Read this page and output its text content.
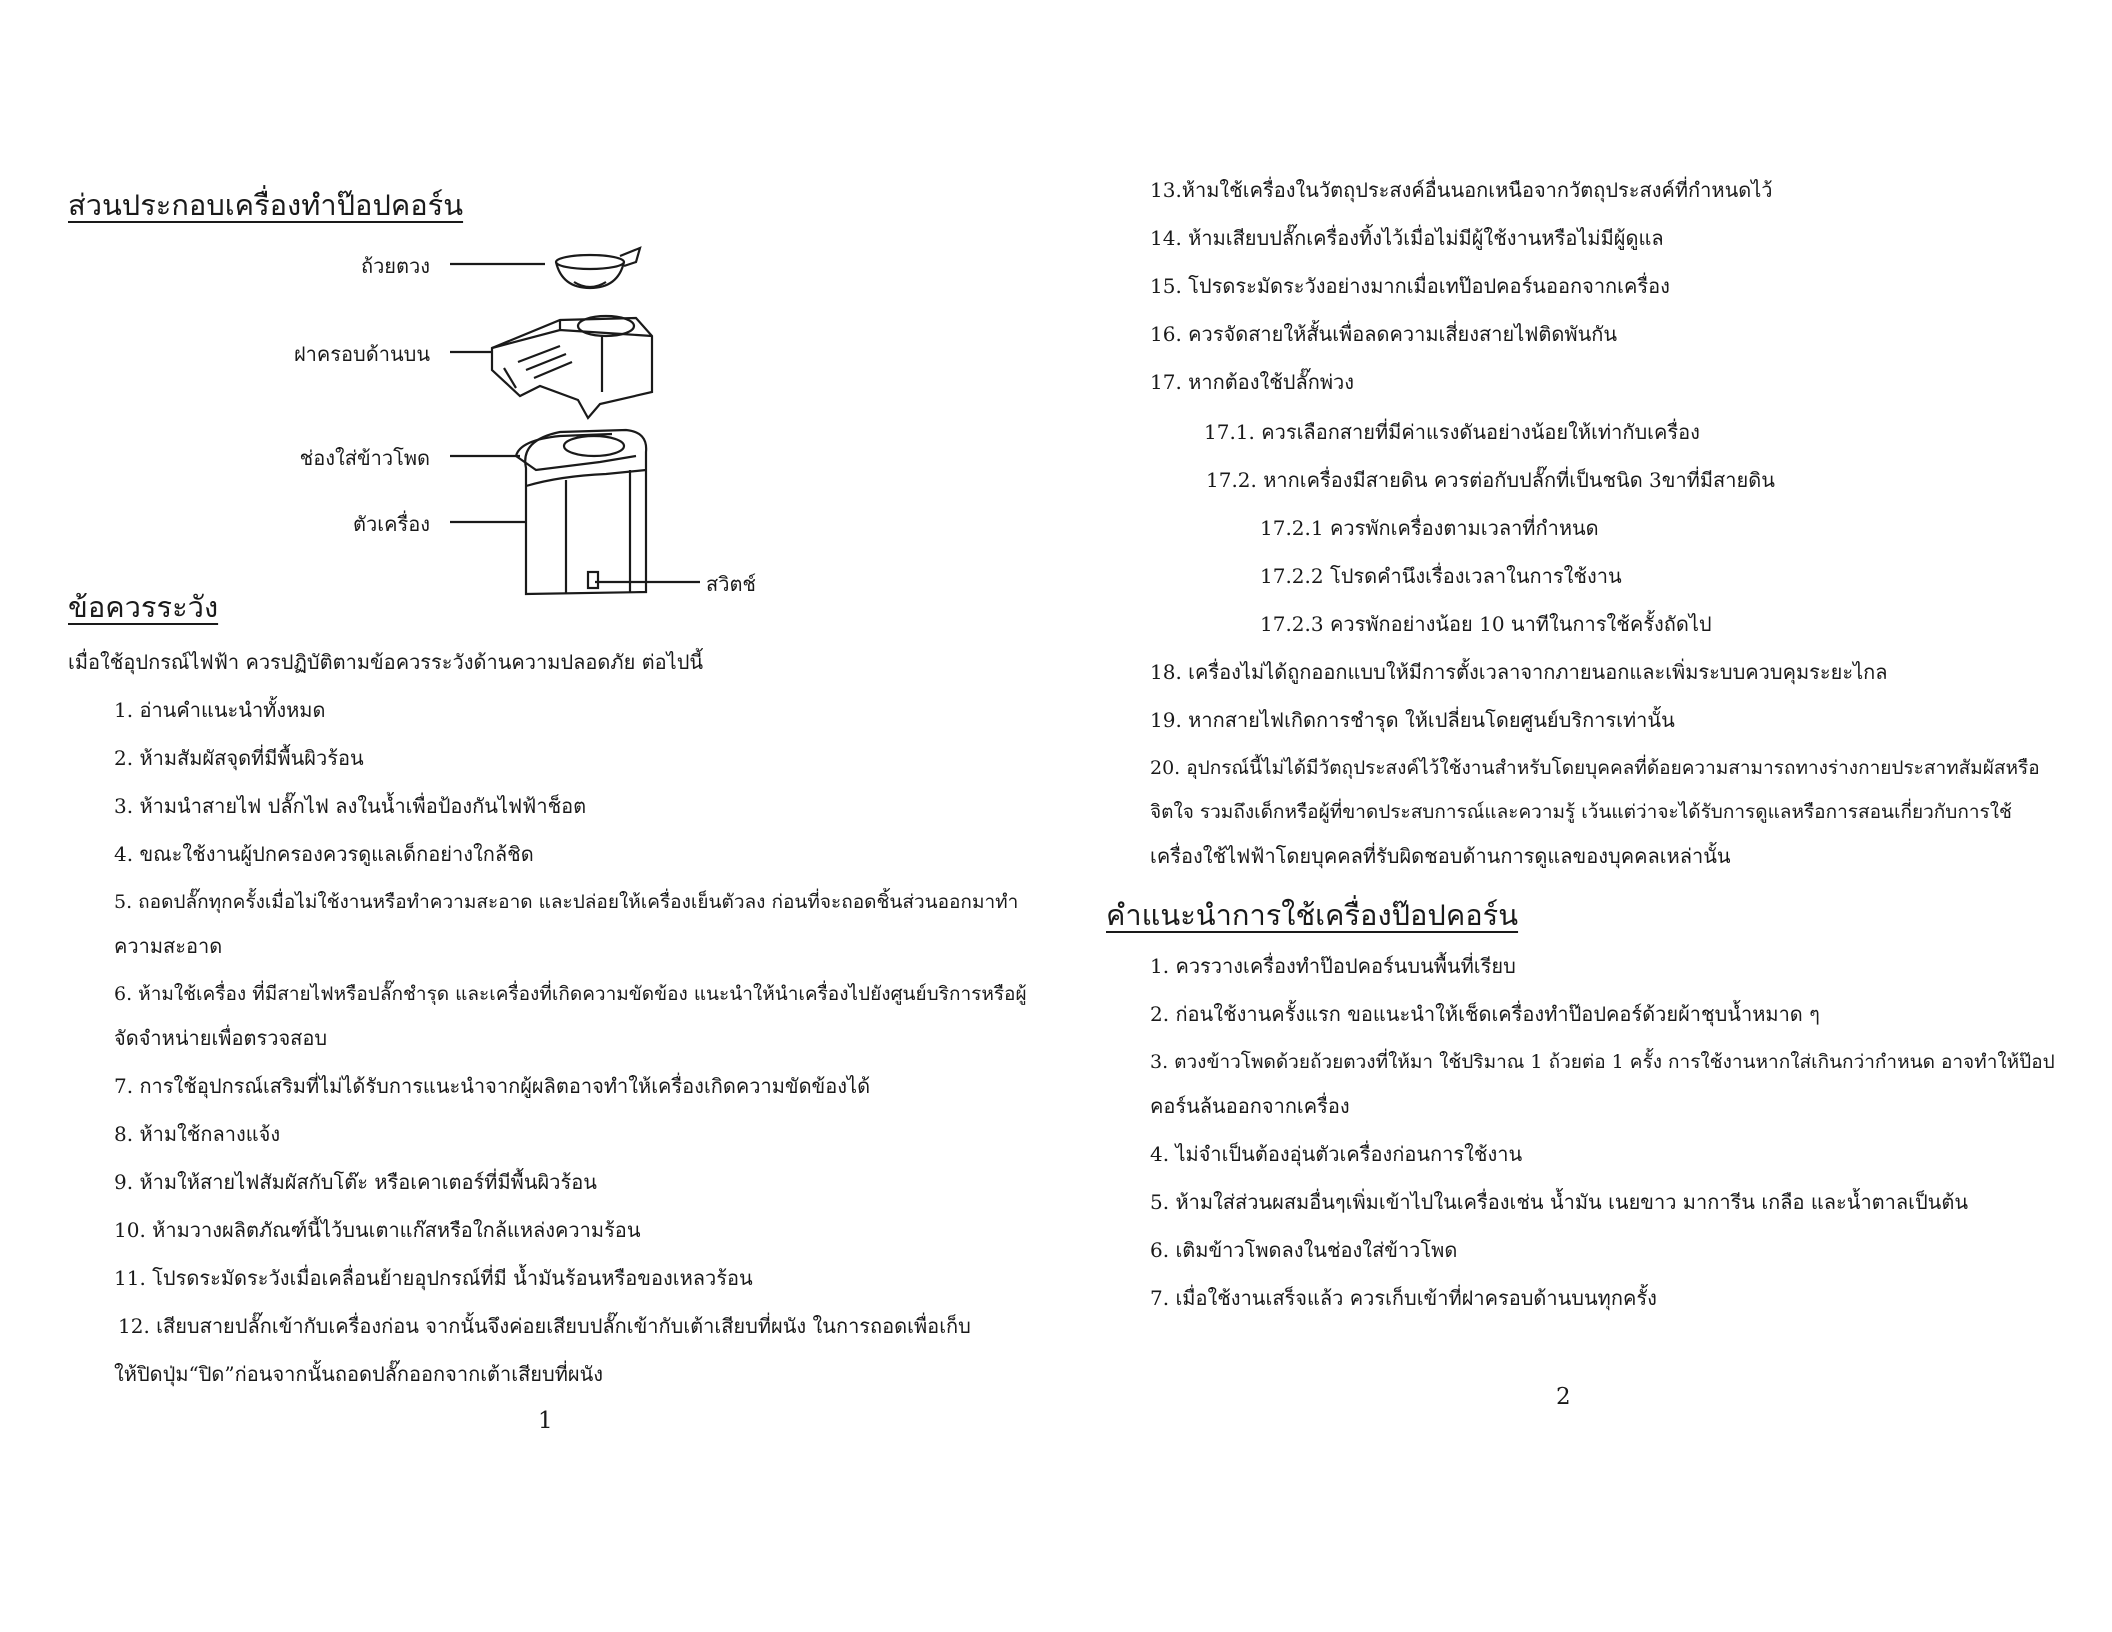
ส่วนประกอบเครื่องทำป๊อปคอร์น
ถ้วยตวง
ฝาครอบด้านบน
ช่องใส่ข้าวโพด
ตัวเครื่อง
สวิตช์
ข้อควรระวัง
เมื่อใช้อุปกรณ์ไฟฟ้า ควรปฏิบัติตามข้อควรระวังด้านความปลอดภัย ต่อไปนี้
1. อ่านคำแนะนำทั้งหมด
2. ห้ามสัมผัสจุดที่มีพื้นผิวร้อน
3. ห้ามนำสายไฟ ปลั๊กไฟ ลงในน้ำเพื่อป้องกันไฟฟ้าช็อต
4. ขณะใช้งานผู้ปกครองควรดูแลเด็กอย่างใกล้ชิด
5. ถอดปลั๊กทุกครั้งเมื่อไม่ใช้งานหรือทำความสะอาด และปล่อยให้เครื่องเย็นตัวลง ก่อนที่จะถอดชิ้นส่วนออกมาทำ
ความสะอาด
6. ห้ามใช้เครื่อง ที่มีสายไฟหรือปลั๊กชำรุด และเครื่องที่เกิดความขัดข้อง แนะนำให้นำเครื่องไปยังศูนย์บริการหรือผู้
จัดจำหน่ายเพื่อตรวจสอบ
7. การใช้อุปกรณ์เสริมที่ไม่ได้รับการแนะนำจากผู้ผลิตอาจทำให้เครื่องเกิดความขัดข้องได้
8. ห้ามใช้กลางแจ้ง
9. ห้ามให้สายไฟสัมผัสกับโต๊ะ หรือเคาเตอร์ที่มีพื้นผิวร้อน
10. ห้ามวางผลิตภัณฑ์นี้ไว้บนเตาแก๊สหรือใกล้แหล่งความร้อน
11. โปรดระมัดระวังเมื่อเคลื่อนย้ายอุปกรณ์ที่มี น้ำมันร้อนหรือของเหลวร้อน
12. เสียบสายปลั๊กเข้ากับเครื่องก่อน จากนั้นจึงค่อยเสียบปลั๊กเข้ากับเต้าเสียบที่ผนัง ในการถอดเพื่อเก็บ
ให้ปิดปุ่ม“ปิด”ก่อนจากนั้นถอดปลั๊กออกจากเต้าเสียบที่ผนัง
1
13.ห้ามใช้เครื่องในวัตถุประสงค์อื่นนอกเหนือจากวัตถุประสงค์ที่กำหนดไว้
14. ห้ามเสียบปลั๊กเครื่องทิ้งไว้เมื่อไม่มีผู้ใช้งานหรือไม่มีผู้ดูแล
15. โปรดระมัดระวังอย่างมากเมื่อเทป๊อปคอร์นออกจากเครื่อง
16. ควรจัดสายให้สั้นเพื่อลดความเสี่ยงสายไฟติดพันกัน
17. หากต้องใช้ปลั๊กพ่วง
17.1. ควรเลือกสายที่มีค่าแรงดันอย่างน้อยให้เท่ากับเครื่อง
17.2. หากเครื่องมีสายดิน ควรต่อกับปลั๊กที่เป็นชนิด 3ขาที่มีสายดิน
17.2.1 ควรพักเครื่องตามเวลาที่กำหนด
17.2.2 โปรดคำนึงเรื่องเวลาในการใช้งาน
17.2.3 ควรพักอย่างน้อย 10 นาทีในการใช้ครั้งถัดไป
18. เครื่องไม่ได้ถูกออกแบบให้มีการตั้งเวลาจากภายนอกและเพิ่มระบบควบคุมระยะไกล
19. หากสายไฟเกิดการชำรุด ให้เปลี่ยนโดยศูนย์บริการเท่านั้น
20. อุปกรณ์นี้ไม่ได้มีวัตถุประสงค์ไว้ใช้งานสำหรับโดยบุคคลที่ด้อยความสามารถทางร่างกายประสาทสัมผัสหรือ
จิตใจ รวมถึงเด็กหรือผู้ที่ขาดประสบการณ์และความรู้ เว้นแต่ว่าจะได้รับการดูแลหรือการสอนเกี่ยวกับการใช้
เครื่องใช้ไฟฟ้าโดยบุคคลที่รับผิดชอบด้านการดูแลของบุคคลเหล่านั้น
คำแนะนำการใช้เครื่องป๊อปคอร์น
1. ควรวางเครื่องทำป๊อปคอร์นบนพื้นที่เรียบ
2. ก่อนใช้งานครั้งแรก ขอแนะนำให้เช็ดเครื่องทำป๊อปคอร์ด้วยผ้าชุบน้ำหมาด ๆ
3. ตวงข้าวโพดด้วยถ้วยตวงที่ให้มา ใช้ปริมาณ 1 ถ้วยต่อ 1 ครั้ง การใช้งานหากใส่เกินกว่ากำหนด อาจทำให้ป๊อป
คอร์นล้นออกจากเครื่อง
4. ไม่จำเป็นต้องอุ่นตัวเครื่องก่อนการใช้งาน
5. ห้ามใส่ส่วนผสมอื่นๆเพิ่มเข้าไปในเครื่องเช่น น้ำมัน เนยขาว มาการีน เกลือ และน้ำตาลเป็นต้น
6. เติมข้าวโพดลงในช่องใส่ข้าวโพด
7. เมื่อใช้งานเสร็จแล้ว ควรเก็บเข้าที่ฝาครอบด้านบนทุกครั้ง
2
